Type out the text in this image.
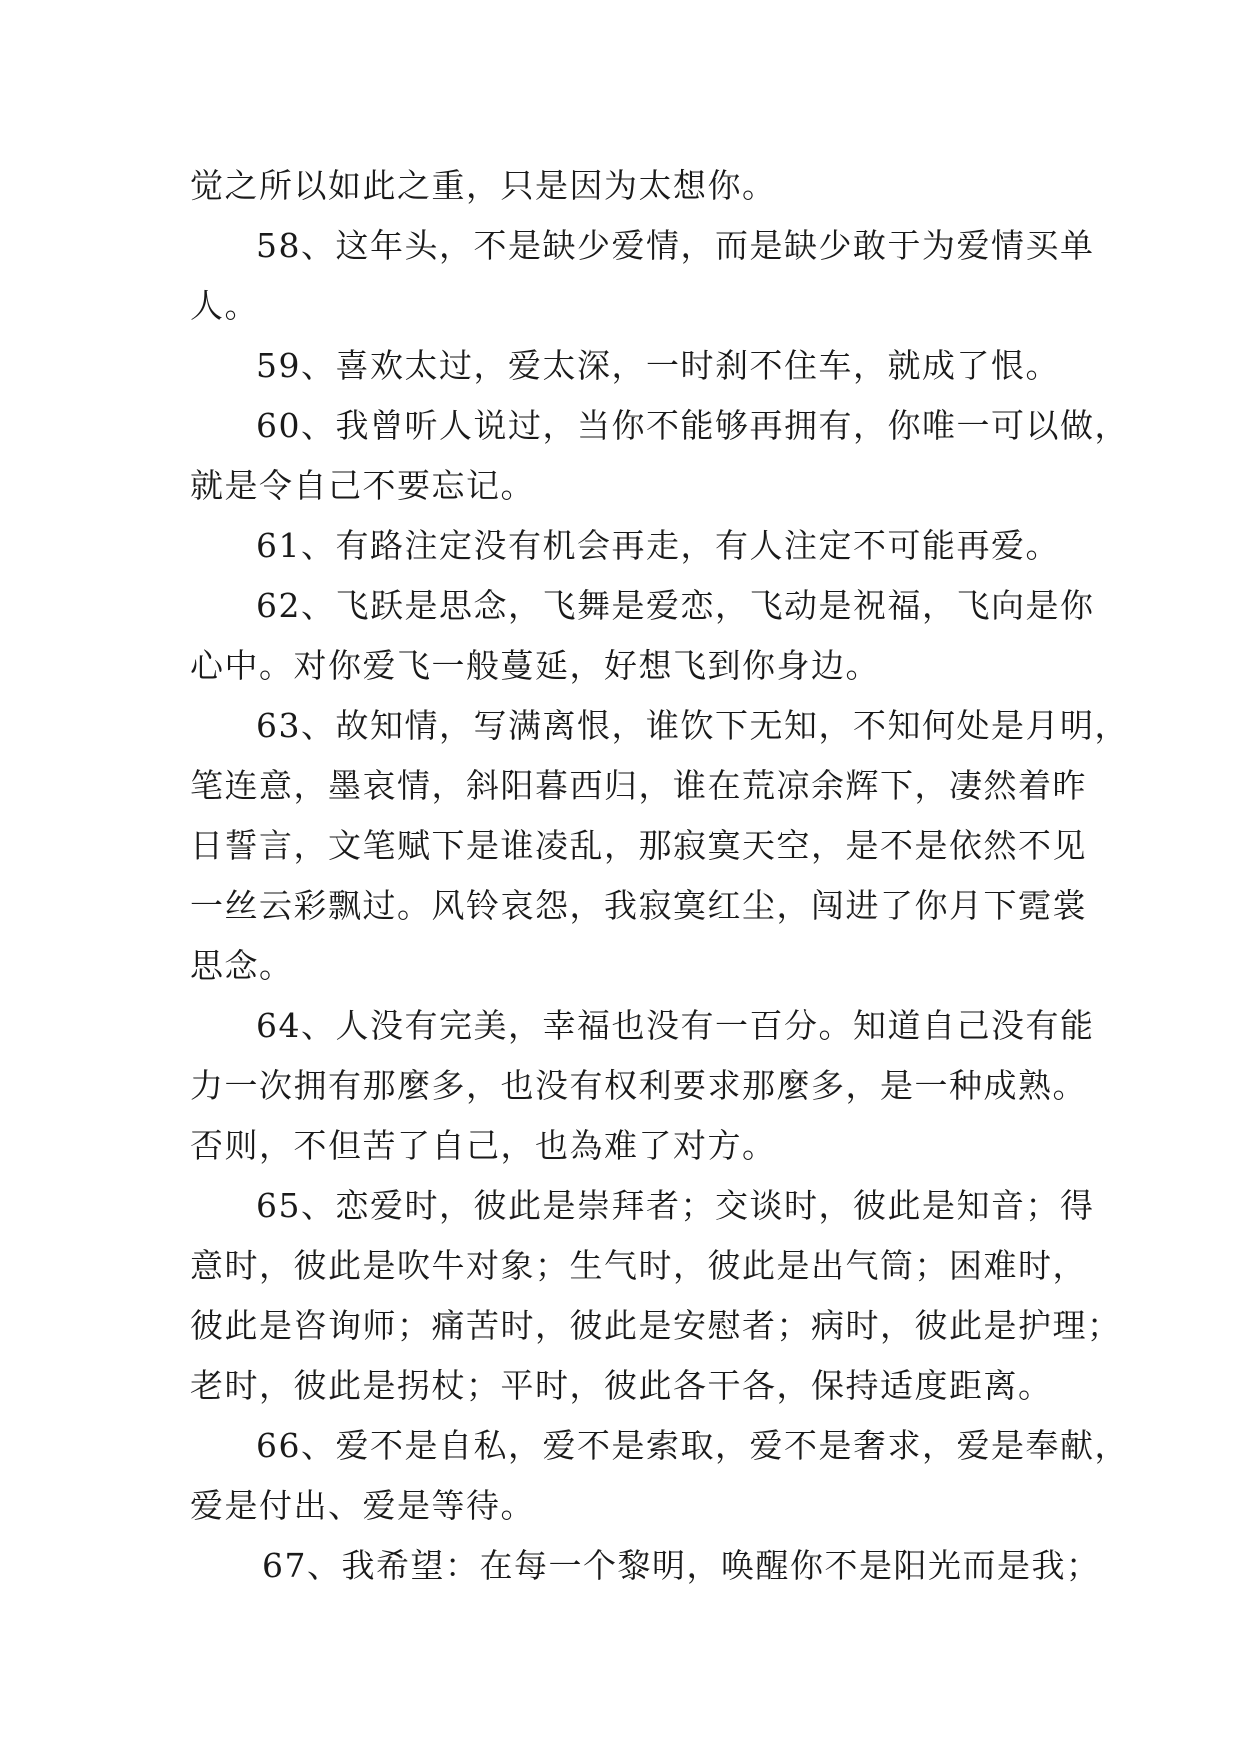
觉之所以如此之重，只是因为太想你。
58、这年头，不是缺少爱情，而是缺少敢于为爱情买单
人。
59、喜欢太过，爱太深，一时刹不住车，就成了恨。
60、我曾听人说过，当你不能够再拥有，你唯一可以做，
就是令自己不要忘记。
61、有路注定没有机会再走，有人注定不可能再爱。
62、飞跃是思念，飞舞是爱恋，飞动是祝福，飞向是你
心中。对你爱飞一般蔓延，好想飞到你身边。
63、故知情，写满离恨，谁饮下无知，不知何处是月明，
笔连意，墨哀情，斜阳暮西归，谁在荒凉余辉下，凄然着昨
日誓言，文笔赋下是谁凌乱，那寂寞天空，是不是依然不见
一丝云彩飘过。风铃哀怨，我寂寞红尘，闯进了你月下霓裳
思念。
64、人没有完美，幸福也没有一百分。知道自己没有能
力一次拥有那麼多，也没有权利要求那麼多，是一种成熟。
否则，不但苦了自己，也為难了对方。
65、恋爱时，彼此是崇拜者；交谈时，彼此是知音；得
意时，彼此是吹牛对象；生气时，彼此是出气筒；困难时，
彼此是咨询师；痛苦时，彼此是安慰者；病时，彼此是护理；
老时，彼此是拐杖；平时，彼此各干各，保持适度距离。
66、爱不是自私，爱不是索取，爱不是奢求，爱是奉献，
爱是付出、爱是等待。
67、我希望：在每一个黎明，唤醒你不是阳光而是我；
